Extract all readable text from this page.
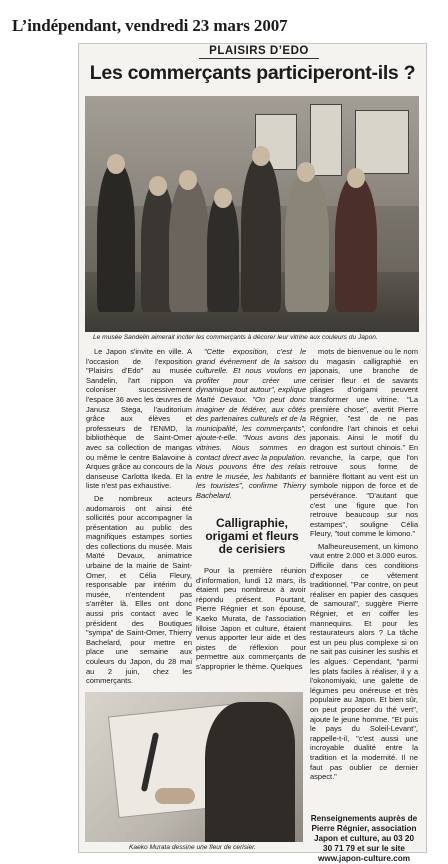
L’indépendant, vendredi 23 mars 2007
PLAISIRS D’EDO
Les commerçants participeront-ils ?
Le musée Sandelin aimerait inciter les commerçants à décorer leur vitrine aux couleurs du Japon.

Le Japon s'invite en ville. A l'occasion de l'exposition "Plaisirs d'Edo" au musée Sandelin, l'art nippon va coloniser successivement l'espace 36 avec les œuvres de Janusz Stega, l'auditorium grâce aux élèves et professeurs de l'ENMD, la bibliothèque de Saint-Omer avec sa collection de mangas ou même le centre Balavoine à Arques grâce au concours de la danseuse Carlotta Ikeda. Et la liste n'est pas exhaustive.

De nombreux acteurs audomarois ont ainsi été sollicités pour accompagner la présentation au public des magnifiques estampes sorties des collections du musée. Mais Maïté Devaux, animatrice urbaine de la mairie de Saint-Omer, et Célia Fleury, responsable par intérim du musée, n'entendent pas s'arrêter là. Elles ont donc aussi pris contact avec le président des Boutiques "sympa" de Saint-Omer, Thierry Bachelard, pour mettre en place une semaine aux couleurs du Japon, du 28 mai au 2 juin, chez les commerçants.

"Cette exposition, c'est le grand événement de la saison culturelle. Et nous voulons en profiter pour créer une dynamique tout autour", explique Maïté Devaux. "On peut donc imaginer de fédérer, aux côtés des partenaires culturels et de la municipalité, les commerçants", ajoute-t-elle. "Nous avons des vitrines. Nous sommes en contact direct avec la population. Nous pouvons être des relais entre le musée, les habitants et les touristes", confirme Thierry Bachelard.

Calligraphie, origami et fleurs de cerisiers

Pour la première réunion d'information, lundi 12 mars, ils étaient peu nombreux à avoir répondu présent. Pourtant, Pierre Régnier et son épouse, Kaeko Murata, de l'association lilloise Japon et culture, étaient venus apporter leur aide et des pistes de réflexion pour permettre aux commerçants de s'approprier le thème. Quelques

mots de bienvenue ou le nom du magasin calligraphié en japonais, une branche de cerisier fleur et de savants pliages d'origami peuvent transformer une vitrine. "La première chose", avertit Pierre Régnier, "est de ne pas confondre l'art chinois et celui japonais. Ainsi le motif du dragon est surtout chinois." En revanche, la carpe, que l'on retrouve sous forme de bannière flottant au vent est un symbole nippon de force et de persévérance. "D'autant que c'est une figure que l'on retrouve beaucoup sur nos estampes", souligne Célia Fleury, "tout comme le kimono."

Malheureusement, un kimono vaut entre 2.000 et 3.000 euros. Difficile dans ces conditions d'exposer ce vêtement traditionnel. "Par contre, on peut réaliser en papier des casques de samouraï", suggère Pierre Régnier, et en coiffer les mannequins. Et pour les restaurateurs alors ? La tâche est un peu plus complexe si on ne sait pas cuisiner les sushis et les algues. Cependant, "parmi les plats faciles à réaliser, il y a l'okonomiyaki, une galette de légumes peu onéreuse et très populaire au Japon. Et bien sûr, on peut proposer du thé vert", ajoute le jeune homme. "Et puis le pays du Soleil-Levant", rappelle-t-il, "c'est aussi une incroyable dualité entre la tradition et la modernité. Il ne faut pas oublier ce dernier aspect."

Renseignements auprès de Pierre Régnier, association Japon et culture, au 03 20 30 71 79 et sur le site www.japon-culture.com
Kaeko Murata dessine une fleur de cerisier.
